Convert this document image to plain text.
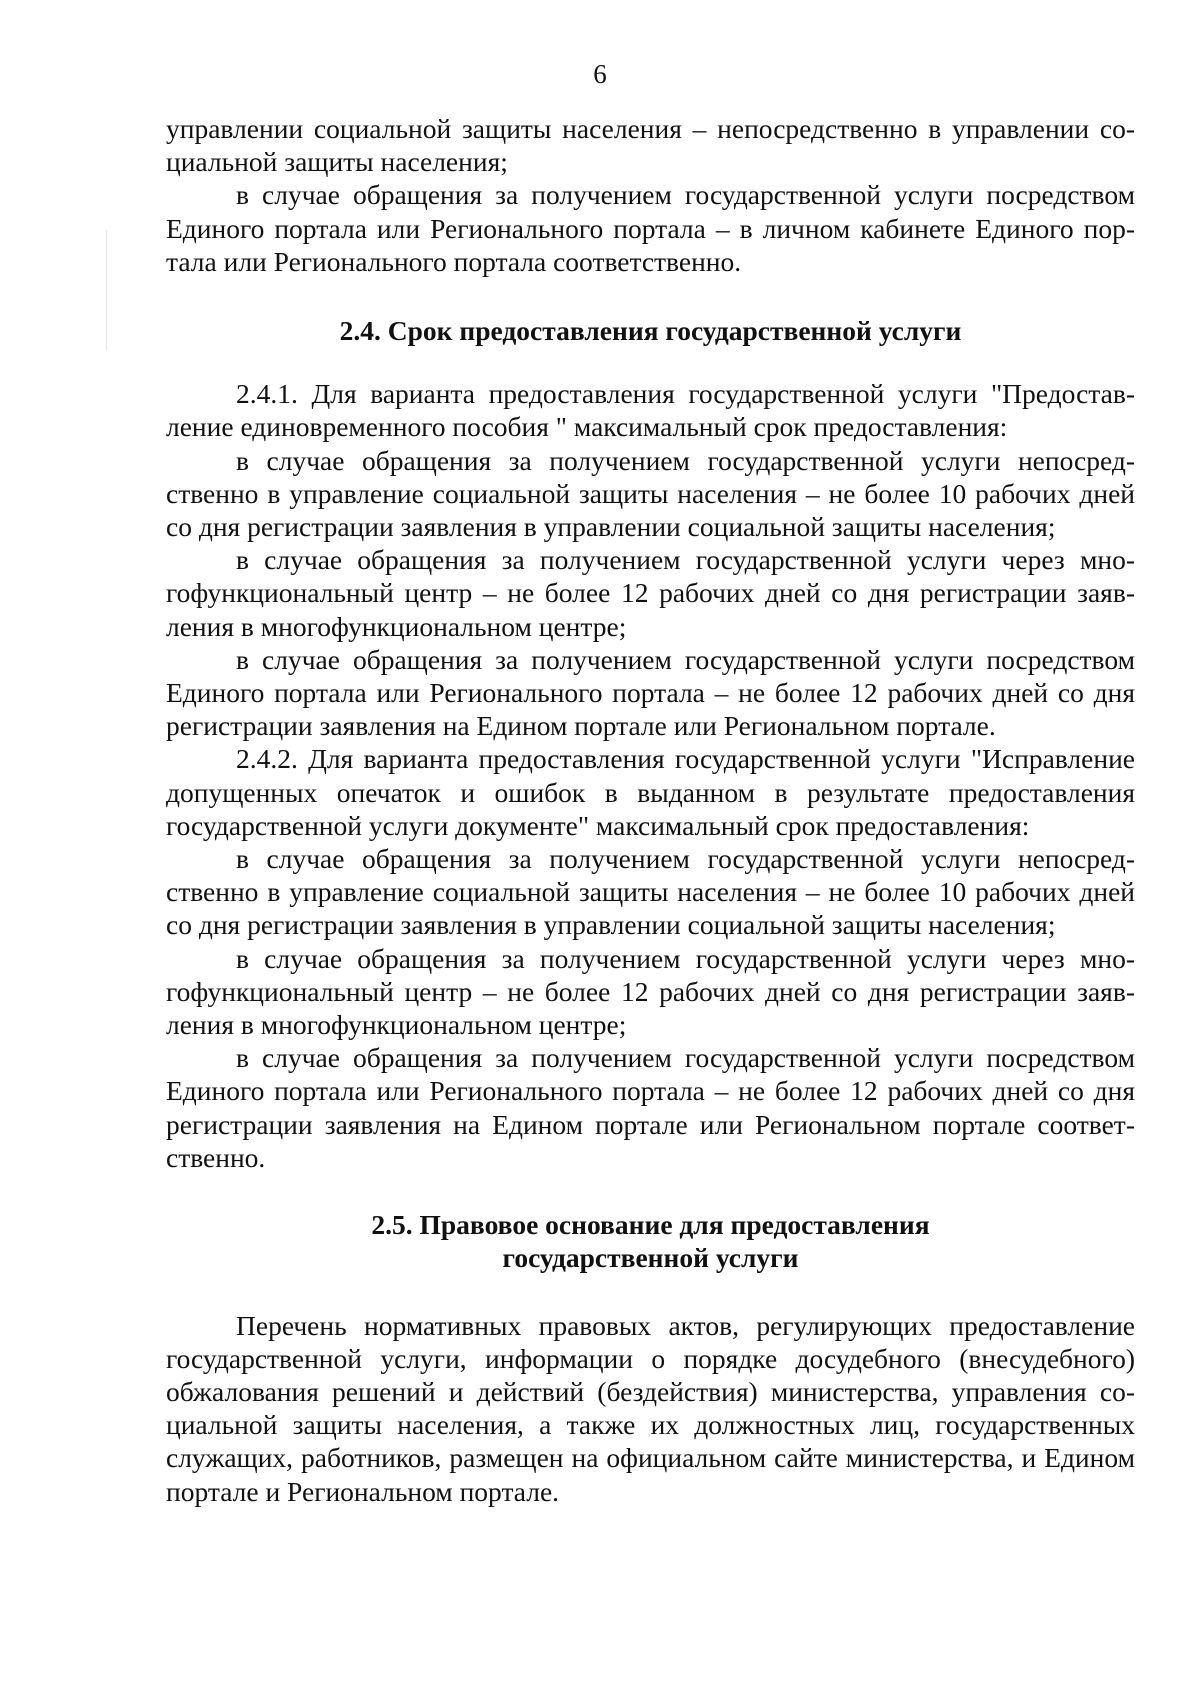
6

управлении социальной защиты населения – непосредственно в управлении социальной защиты населения;

в случае обращения за получением государственной услуги посредством Единого портала или Регионального портала – в личном кабинете Единого портала или Регионального портала соответственно.

2.4. Срок предоставления государственной услуги

2.4.1. Для варианта предоставления государственной услуги "Предоставление единовременного пособия " максимальный срок предоставления:

в случае обращения за получением государственной услуги непосредственно в управление социальной защиты населения – не более 10 рабочих дней со дня регистрации заявления в управлении социальной защиты населения;

в случае обращения за получением государственной услуги через многофункциональный центр – не более 12 рабочих дней со дня регистрации заявления в многофункциональном центре;

в случае обращения за получением государственной услуги посредством Единого портала или Регионального портала – не более 12 рабочих дней со дня регистрации заявления на Едином портале или Региональном портале.

2.4.2. Для варианта предоставления государственной услуги "Исправление допущенных опечаток и ошибок в выданном в результате предоставления государственной услуги документе" максимальный срок предоставления:

в случае обращения за получением государственной услуги непосредственно в управление социальной защиты населения – не более 10 рабочих дней со дня регистрации заявления в управлении социальной защиты населения;

в случае обращения за получением государственной услуги через многофункциональный центр – не более 12 рабочих дней со дня регистрации заявления в многофункциональном центре;

в случае обращения за получением государственной услуги посредством Единого портала или Регионального портала – не более 12 рабочих дней со дня регистрации заявления на Едином портале или Региональном портале соответственно.

2.5. Правовое основание для предоставления

государственной услуги

Перечень нормативных правовых актов, регулирующих предоставление государственной услуги, информации о порядке досудебного (внесудебного) обжалования решений и действий (бездействия) министерства, управления социальной защиты населения, а также их должностных лиц, государственных служащих, работников, размещен на официальном сайте министерства, и Едином портале и Региональном портале.
